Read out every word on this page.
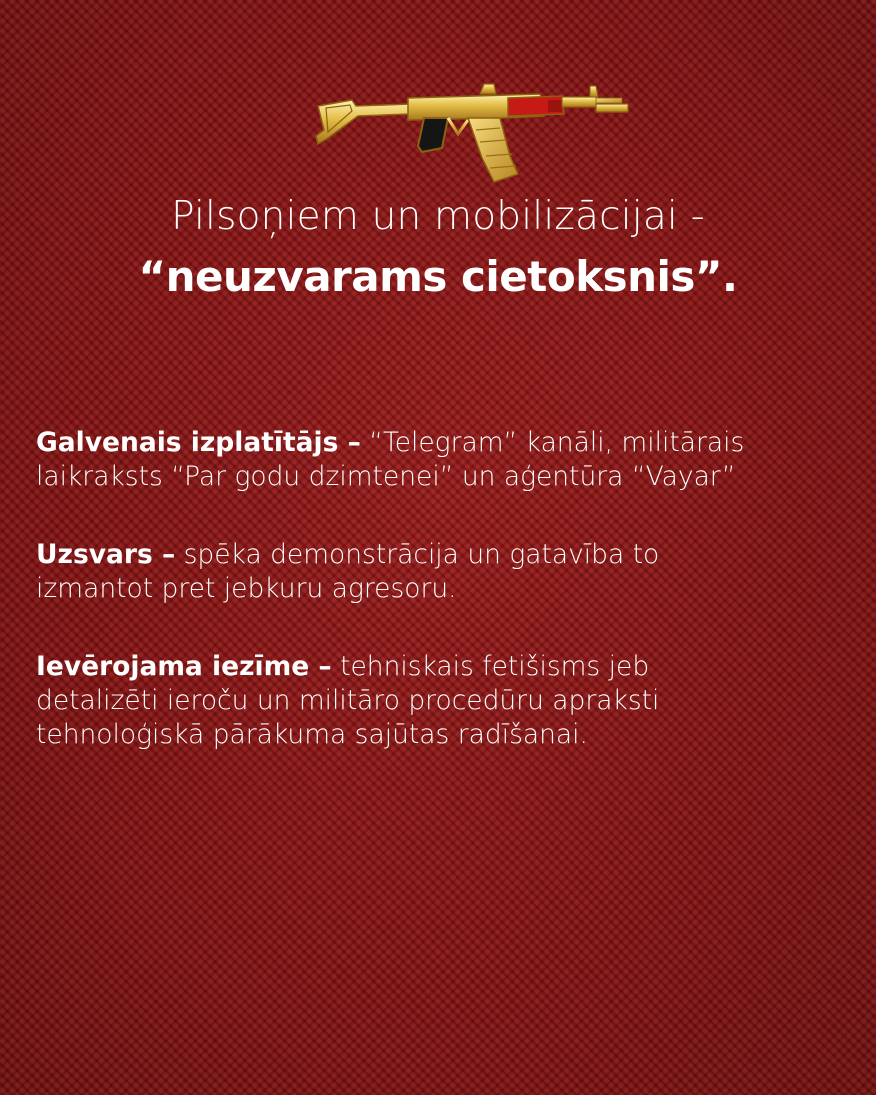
Pilsoņiem un mobilizācijai -
“neuzvarams cietoksnis”.
Galvenais izplatītājs – “Telegram” kanāli, militārais
laikraksts “Par godu dzimtenei” un aģentūra “Vayar”
Uzsvars – spēka demonstrācija un gatavība to
izmantot pret jebkuru agresoru.
Ievērojama iezīme – tehniskais fetišisms jeb
detalizēti ieroču un militāro procedūru apraksti
tehnoloģiskā pārākuma sajūtas radīšanai.
